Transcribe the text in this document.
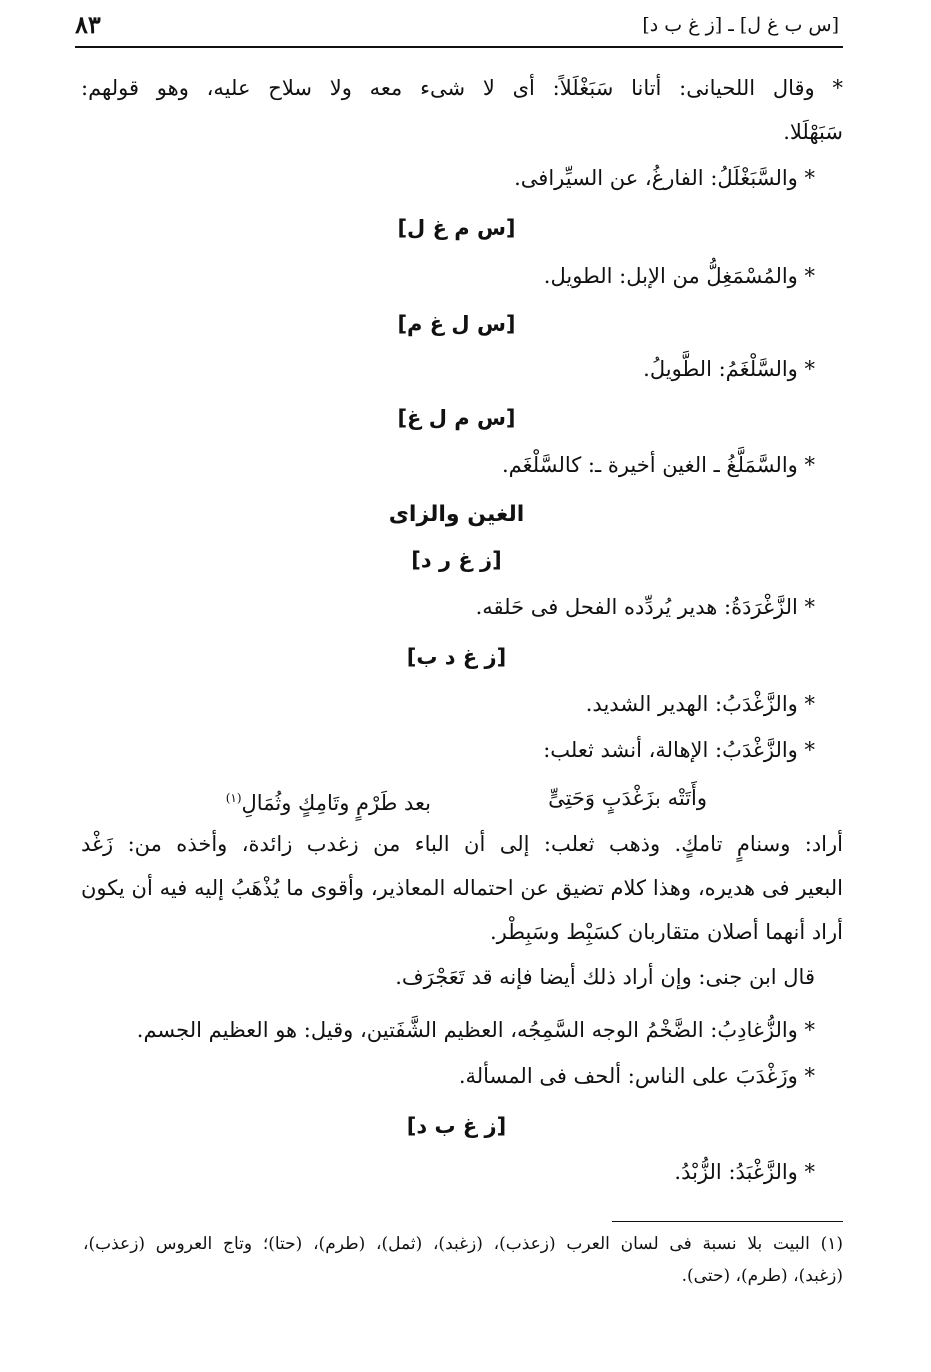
[س ب غ ل] ـ [ز غ ب د]
٨٣
* وقال اللحيانى: أتانا سَبَغْلَلاً: أى لا شىء معه ولا سلاح عليه، وهو قولهم:
سَبَهْلَلا.
* والسَّبَغْلَلُ: الفارغُ، عن السيِّرافى.
[س م غ ل]
* والمُسْمَغِلُّ من الإبل: الطويل.
[س ل غ م]
* والسَّلْغَمُ: الطَّويلُ.
[س م ل غ]
* والسَّمَلَّغُ ـ الغين أخيرة ـ: كالسَّلْغَم.
الغين والزاى
[ز غ ر د]
* الزَّغْرَدَةُ: هدير يُردِّده الفحل فى حَلقه.
[ز غ د ب]
* والزَّغْدَبُ: الهدير الشديد.
* والزَّغْدَبُ: الإهالة، أنشد ثعلب:
وأَتَتْه بزَغْدَبٍ وَحَتِىٍّ
بعد طَرْمٍ وتَامِكٍ وثُمَالِ$^{(١)}$
أراد: وسنامٍ تامكٍ. وذهب ثعلب: إلى أن الباء من زغدب زائدة، وأخذه من: زَغْد
البعير فى هديره، وهذا كلام تضيق عن احتماله المعاذير، وأقوى ما يُذْهَبُ إليه فيه أن يكون
أراد أنهما أصلان متقاربان كسَبِْط وسَبِطْر.
قال ابن جنى: وإن أراد ذلك أيضا فإنه قد تَعَجْرَف.
* والزُّغادِبُ: الضَّخْمُ الوجه السَّمِجُه، العظيم الشَّفَتين، وقيل: هو العظيم الجسم.
* وزَغْدَبَ على الناس: ألحف فى المسألة.
[ز غ ب د]
* والزَّغْبَدُ: الزُّبْدُ.
(١) البيت بلا نسبة فى لسان العرب (زعذب)، (زغبد)، (ثمل)، (طرم)، (حتا)؛ وتاج العروس (زعذب)،
(زغبد)، (طرم)، (حتى).
